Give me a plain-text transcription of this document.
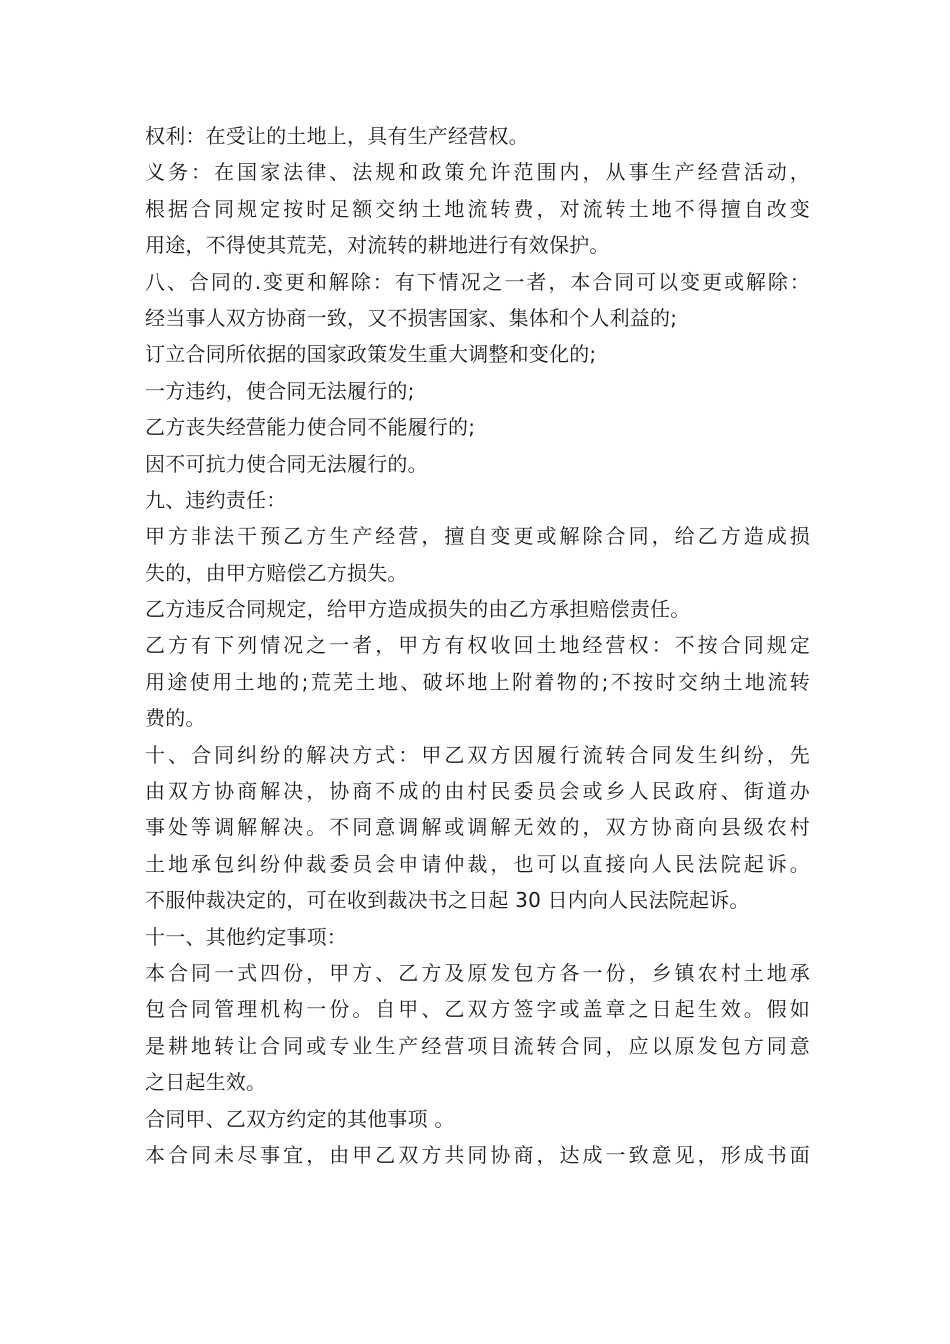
权利：在受让的土地上，具有生产经营权。
义务：在国家法律、法规和政策允许范围内，从事生产经营活动，
根据合同规定按时足额交纳土地流转费，对流转土地不得擅自改变
用途，不得使其荒芜，对流转的耕地进行有效保护。
八、合同的.变更和解除：有下情况之一者，本合同可以变更或解除：
经当事人双方协商一致，又不损害国家、集体和个人利益的;
订立合同所依据的国家政策发生重大调整和变化的;
一方违约，使合同无法履行的;
乙方丧失经营能力使合同不能履行的;
因不可抗力使合同无法履行的。
九、违约责任：
甲方非法干预乙方生产经营，擅自变更或解除合同，给乙方造成损
失的，由甲方赔偿乙方损失。
乙方违反合同规定，给甲方造成损失的由乙方承担赔偿责任。
乙方有下列情况之一者，甲方有权收回土地经营权：不按合同规定
用途使用土地的;荒芜土地、破坏地上附着物的;不按时交纳土地流转
费的。
十、合同纠纷的解决方式：甲乙双方因履行流转合同发生纠纷，先
由双方协商解决，协商不成的由村民委员会或乡人民政府、街道办
事处等调解解决。不同意调解或调解无效的，双方协商向县级农村
土地承包纠纷仲裁委员会申请仲裁，也可以直接向人民法院起诉。
不服仲裁决定的，可在收到裁决书之日起 30 日内向人民法院起诉。
十一、其他约定事项：
本合同一式四份，甲方、乙方及原发包方各一份，乡镇农村土地承
包合同管理机构一份。自甲、乙双方签字或盖章之日起生效。假如
是耕地转让合同或专业生产经营项目流转合同，应以原发包方同意
之日起生效。
合同甲、乙双方约定的其他事项 。
本合同未尽事宜，由甲乙双方共同协商，达成一致意见，形成书面
